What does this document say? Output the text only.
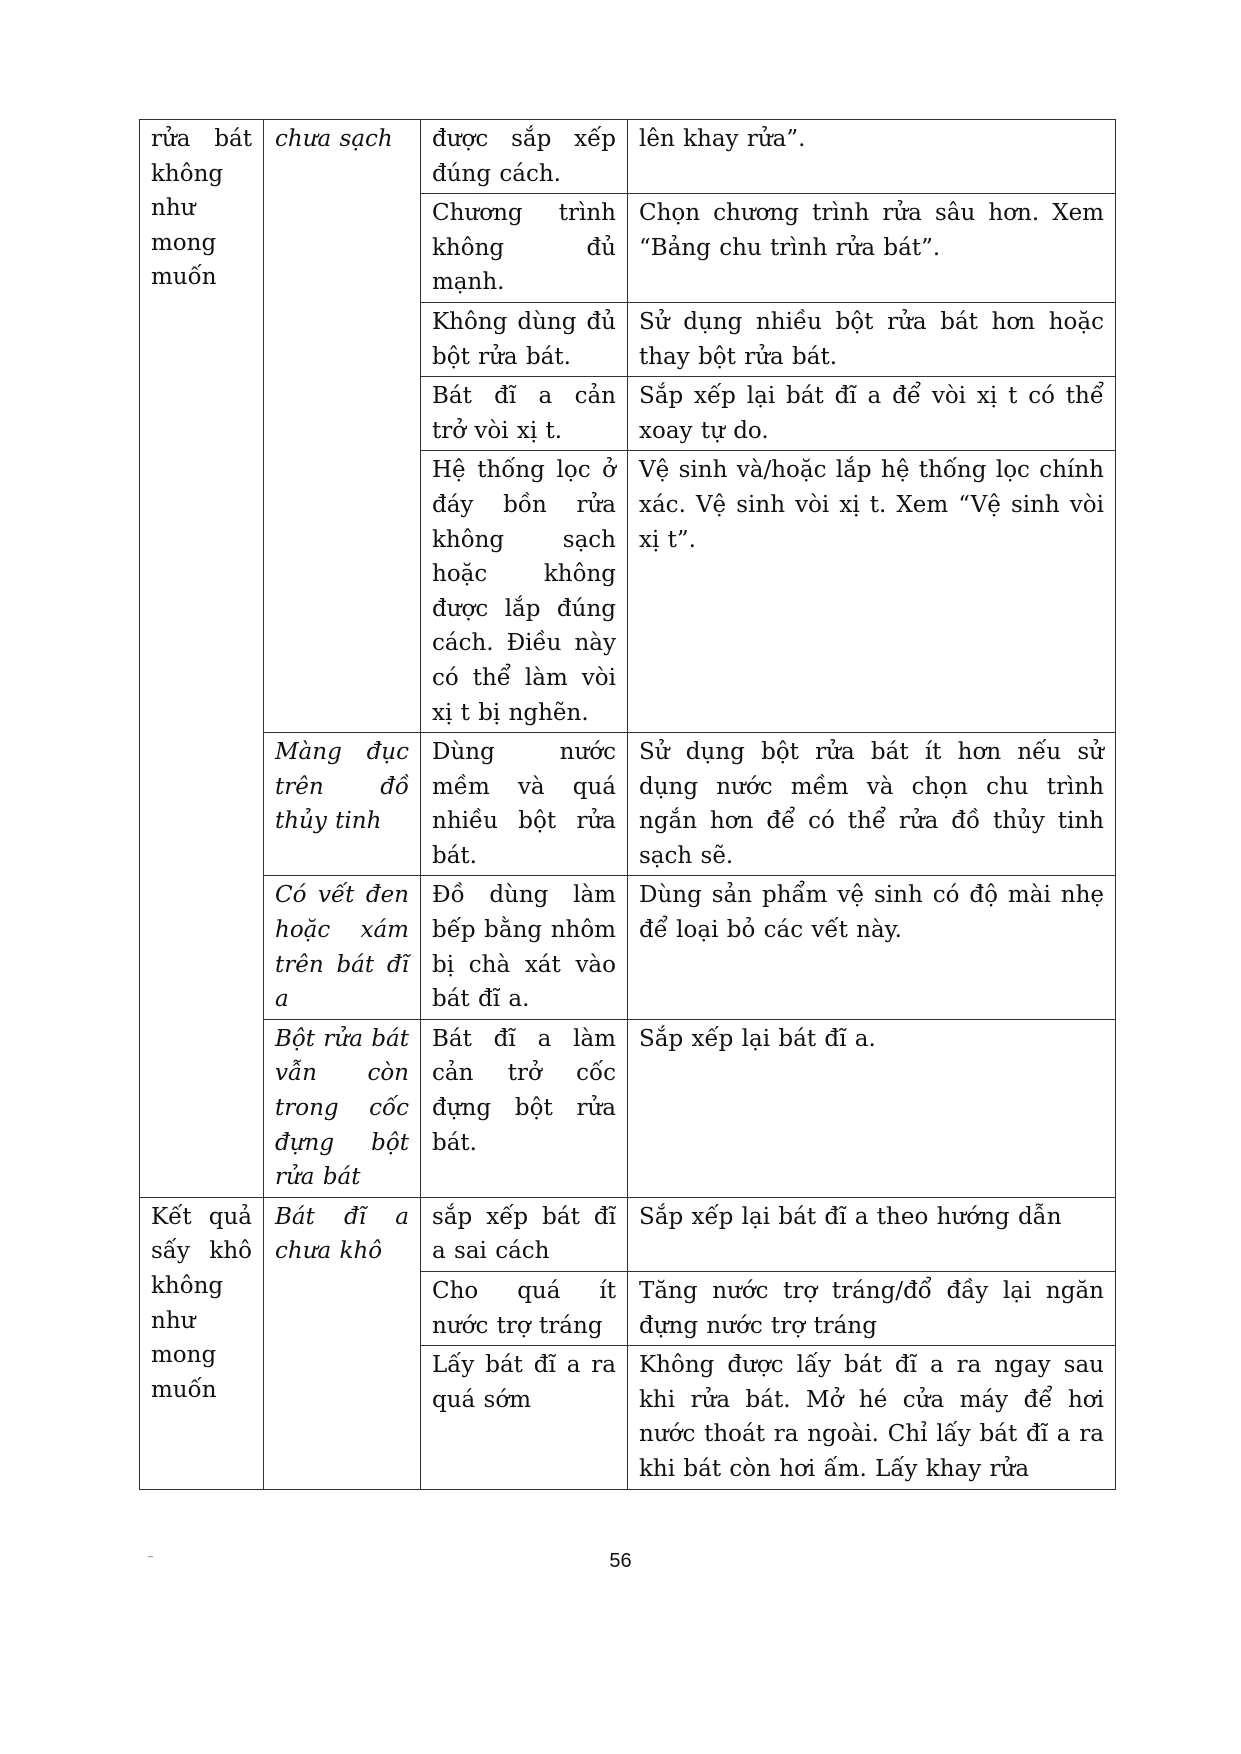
rửa bát không như mong muốn	chưa sạch	được sắp xếp đúng cách.	lên khay rửa”.
		Chương trình không đủ mạnh.	Chọn chương trình rửa sâu hơn. Xem “Bảng chu trình rửa bát”.
		Không dùng đủ bột rửa bát.	Sử dụng nhiều bột rửa bát hơn hoặc thay bột rửa bát.
		Bát đĩ a cản trở vòi xị t.	Sắp xếp lại bát đĩ a để vòi xị t có thể xoay tự do.
		Hệ thống lọc ở đáy bồn rửa không sạch hoặc không được lắp đúng cách. Điều này có thể làm vòi xị t bị nghẽn.	Vệ sinh và/hoặc lắp hệ thống lọc chính xác. Vệ sinh vòi xị t. Xem “Vệ sinh vòi xị t”.
	Màng đục trên đồ thủy tinh	Dùng nước mềm và quá nhiều bột rửa bát.	Sử dụng bột rửa bát ít hơn nếu sử dụng nước mềm và chọn chu trình ngắn hơn để có thể rửa đồ thủy tinh sạch sẽ.
	Có vết đen hoặc xám trên bát đĩ a	Đồ dùng làm bếp bằng nhôm bị chà xát vào bát đĩ a.	Dùng sản phẩm vệ sinh có độ mài nhẹ để loại bỏ các vết này.
	Bột rửa bát vẫn còn trong cốc đựng bột rửa bát	Bát đĩ a làm cản trở cốc đựng bột rửa bát.	Sắp xếp lại bát đĩ a.
Kết quả sấy khô không như mong muốn	Bát đĩ a chưa khô	sắp xếp bát đĩ a sai cách	Sắp xếp lại bát đĩ a theo hướng dẫn
		Cho quá ít nước trợ tráng	Tăng nước trợ tráng/đổ đầy lại ngăn đựng nước trợ tráng
		Lấy bát đĩ a ra quá sớm	Không được lấy bát đĩ a ra ngay sau khi rửa bát. Mở hé cửa máy để hơi nước thoát ra ngoài. Chỉ lấy bát đĩ a ra khi bát còn hơi ấm. Lấy khay rửa
–	56
